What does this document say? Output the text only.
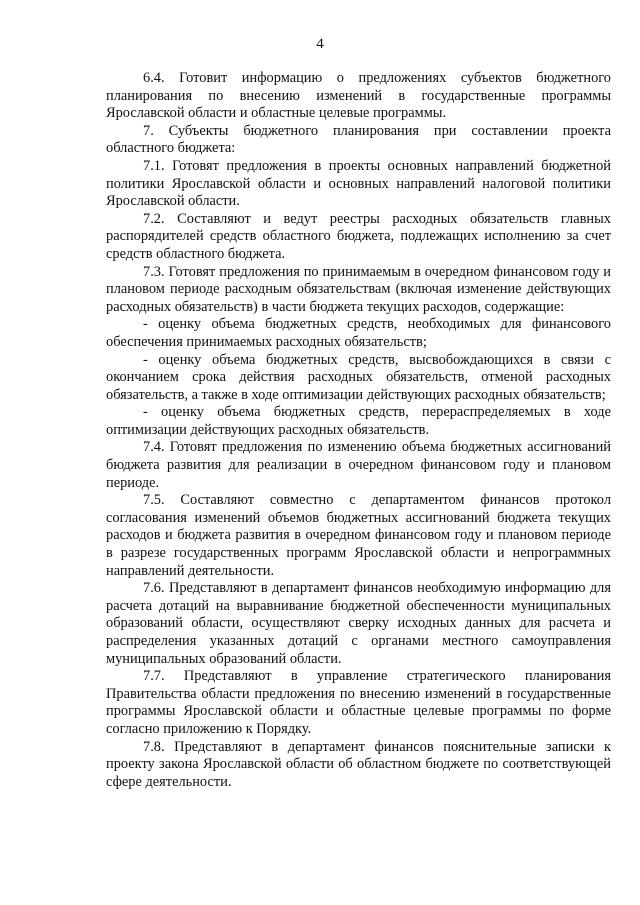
4

6.4. Готовит информацию о предложениях субъектов бюджетного планирования по внесению изменений в государственные программы Ярославской области и областные целевые программы.

7. Субъекты бюджетного планирования при составлении проекта областного бюджета:

7.1. Готовят предложения в проекты основных направлений бюджетной политики Ярославской области и основных направлений налоговой политики Ярославской области.

7.2. Составляют и ведут реестры расходных обязательств главных распорядителей средств областного бюджета, подлежащих исполнению за счет средств областного бюджета.

7.3. Готовят предложения по принимаемым в очередном финансовом году и плановом периоде расходным обязательствам (включая изменение действующих расходных обязательств) в части бюджета текущих расходов, содержащие:

- оценку объема бюджетных средств, необходимых для финансового обеспечения принимаемых расходных обязательств;

- оценку объема бюджетных средств, высвобождающихся в связи с окончанием срока действия расходных обязательств, отменой расходных обязательств, а также в ходе оптимизации действующих расходных обязательств;

- оценку объема бюджетных средств, перераспределяемых в ходе оптимизации действующих расходных обязательств.

7.4. Готовят предложения по изменению объема бюджетных ассигнований бюджета развития для реализации в очередном финансовом году и плановом периоде.

7.5. Составляют совместно с департаментом финансов протокол согласования изменений объемов бюджетных ассигнований бюджета текущих расходов и бюджета развития в очередном финансовом году и плановом периоде в разрезе государственных программ Ярославской области и непрограммных направлений деятельности.

7.6. Представляют в департамент финансов необходимую информацию для расчета дотаций на выравнивание бюджетной обеспеченности муниципальных образований области, осуществляют сверку исходных данных для расчета и распределения указанных дотаций с органами местного самоуправления муниципальных образований области.

7.7. Представляют в управление стратегического планирования Правительства области предложения по внесению изменений в государственные программы Ярославской области и областные целевые программы по форме согласно приложению к Порядку.

7.8. Представляют в департамент финансов пояснительные записки к проекту закона Ярославской области об областном бюджете по соответствующей сфере деятельности.
